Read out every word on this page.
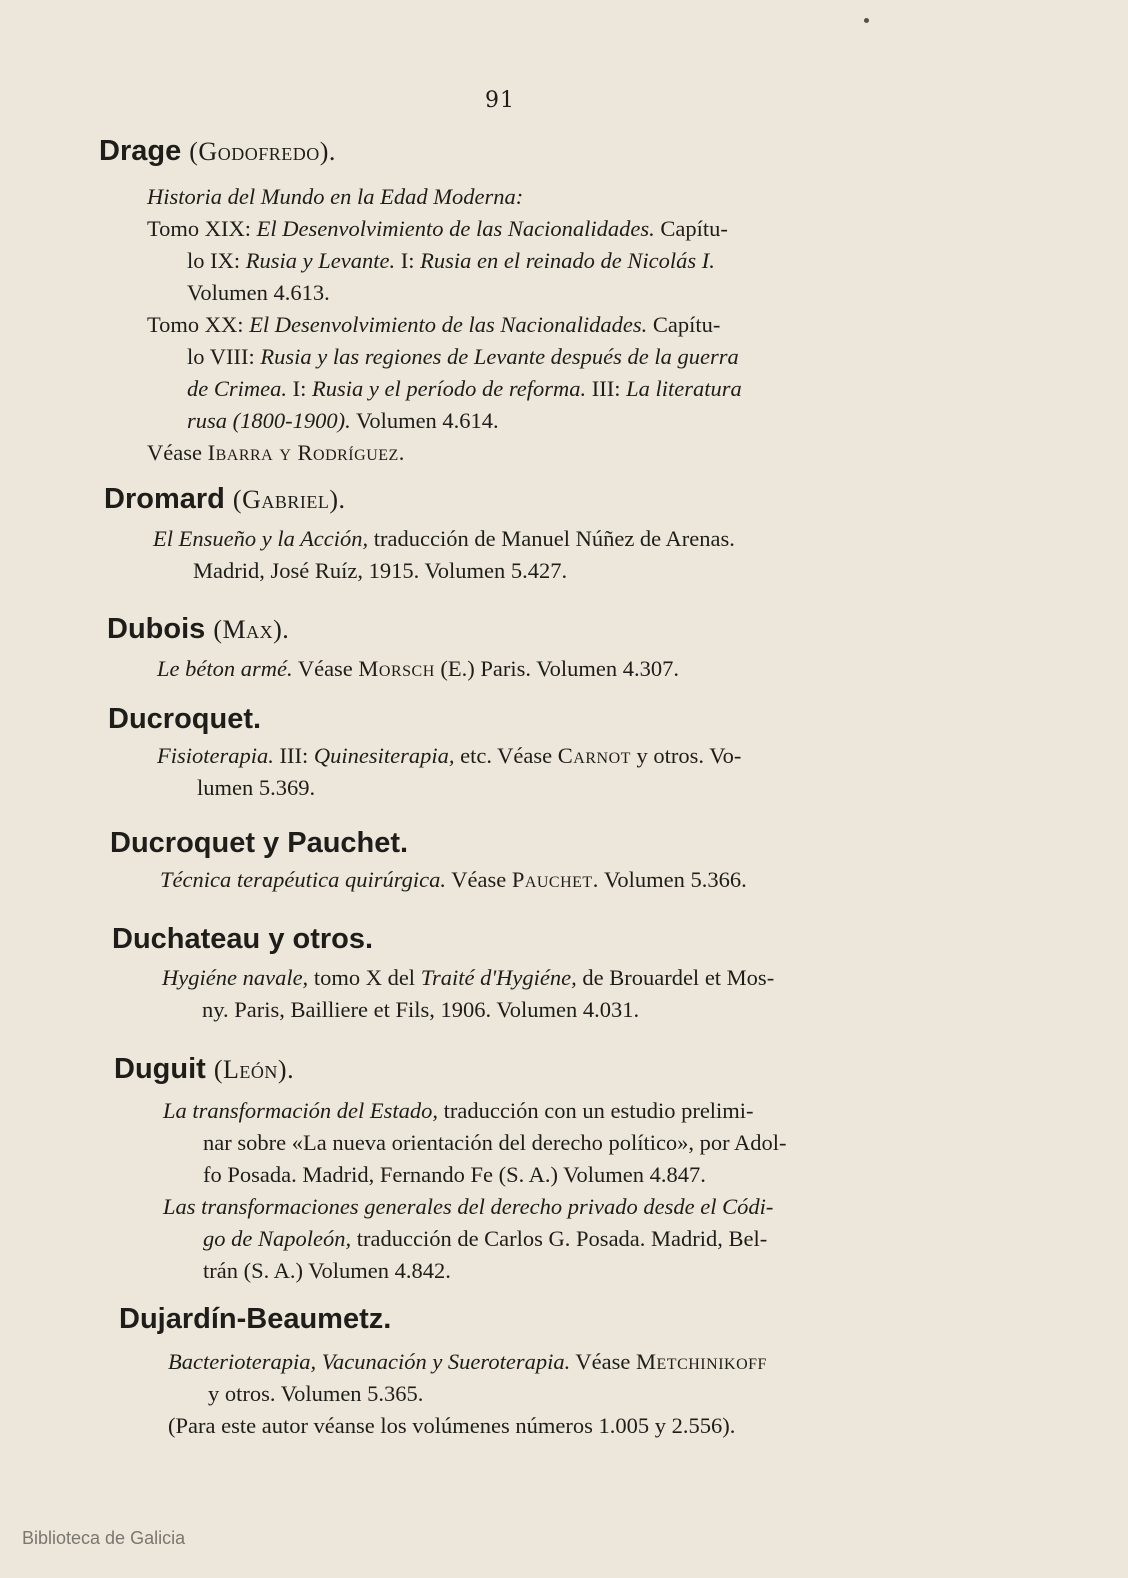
91
Drage (Godofredo).
Historia del Mundo en la Edad Moderna:
Tomo XIX: El Desenvolvimiento de las Nacionalidades. Capítu-
lo IX: Rusia y Levante. I: Rusia en el reinado de Nicolás I.
Volumen 4.613.
Tomo XX: El Desenvolvimiento de las Nacionalidades. Capítu-
lo VIII: Rusia y las regiones de Levante después de la guerra
de Crimea. I: Rusia y el período de reforma. III: La literatura
rusa (1800-1900). Volumen 4.614.
Véase Ibarra y Rodríguez.
Dromard (Gabriel).
El Ensueño y la Acción, traducción de Manuel Núñez de Arenas.
Madrid, José Ruíz, 1915. Volumen 5.427.
Dubois (Max).
Le béton armé. Véase Morsch (E.) Paris. Volumen 4.307.
Ducroquet.
Fisioterapia. III: Quinesiterapia, etc. Véase Carnot y otros. Vo-
lumen 5.369.
Ducroquet y Pauchet.
Técnica terapéutica quirúrgica. Véase Pauchet. Volumen 5.366.
Duchateau y otros.
Hygiéne navale, tomo X del Traité d'Hygiéne, de Brouardel et Mos-
ny. Paris, Bailliere et Fils, 1906. Volumen 4.031.
Duguit (León).
La transformación del Estado, traducción con un estudio prelimi-
nar sobre «La nueva orientación del derecho político», por Adol-
fo Posada. Madrid, Fernando Fe (S. A.) Volumen 4.847.
Las transformaciones generales del derecho privado desde el Códi-
go de Napoleón, traducción de Carlos G. Posada. Madrid, Bel-
trán (S. A.) Volumen 4.842.
Dujardín-Beaumetz.
Bacterioterapia, Vacunación y Sueroterapia. Véase Metchinikoff
y otros. Volumen 5.365.
(Para este autor véanse los volúmenes números 1.005 y 2.556).
Biblioteca de Galicia
